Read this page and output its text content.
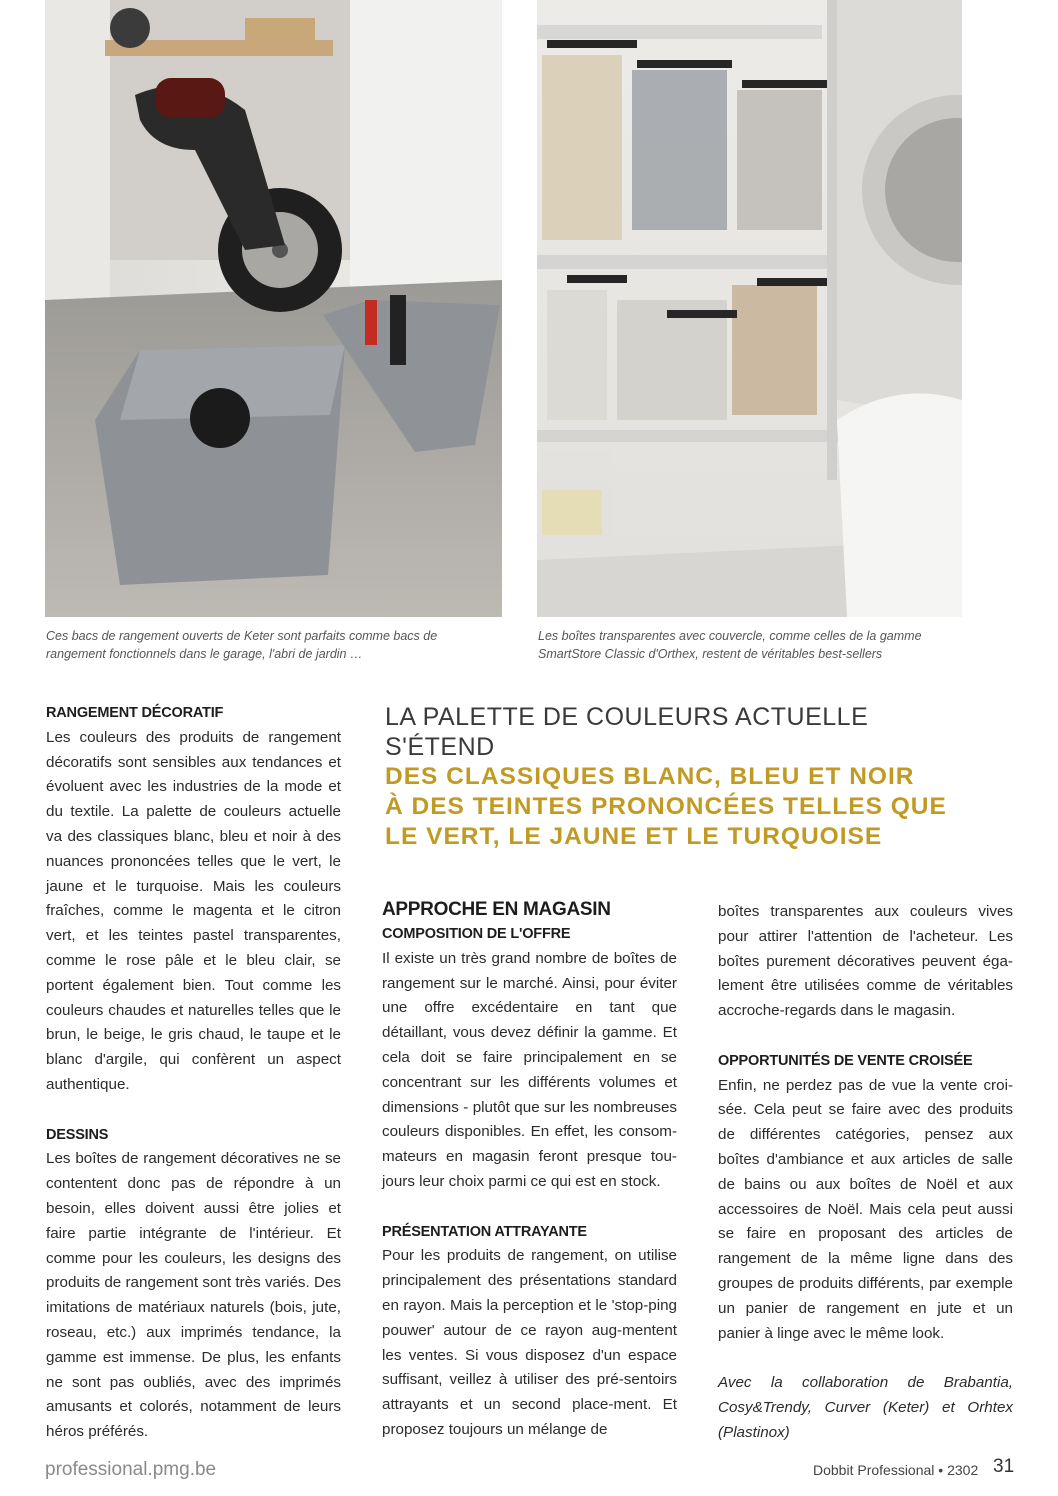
Ces bacs de rangement ouverts de Keter sont parfaits comme bacs de rangement fonctionnels dans le garage, l'abri de jardin …

Les boîtes transparentes avec couvercle, comme celles de la gamme SmartStore Classic d'Orthex, restent de véritables best-sellers

LA PALETTE DE COULEURS ACTUELLE S'ÉTEND
DES CLASSIQUES BLANC, BLEU ET NOIR
À DES TEINTES PRONONCÉES TELLES QUE
LE VERT, LE JAUNE ET LE TURQUOISE
RANGEMENT DÉCORATIF

Les couleurs des produits de rangement décoratifs sont sensibles aux tendances et évoluent avec les industries de la mode et du textile. La palette de couleurs actuelle va des classiques blanc, bleu et noir à des nuances prononcées telles que le vert, le jaune et le turquoise. Mais les couleurs fraîches, comme le magenta et le citron vert, et les teintes pastel transparentes, comme le rose pâle et le bleu clair, se portent également bien. Tout comme les couleurs chaudes et naturelles telles que le brun, le beige, le gris chaud, le taupe et le blanc d'argile, qui confèrent un aspect authentique.

DESSINS

Les boîtes de rangement décoratives ne se contentent donc pas de répondre à un besoin, elles doivent aussi être jolies et faire partie intégrante de l'intérieur. Et comme pour les couleurs, les designs des produits de rangement sont très variés. Des imitations de matériaux naturels (bois, jute, roseau, etc.) aux imprimés tendance, la gamme est immense. De plus, les enfants ne sont pas oubliés, avec des imprimés amusants et colorés, notamment de leurs héros préférés.

APPROCHE EN MAGASIN
COMPOSITION DE L'OFFRE

Il existe un très grand nombre de boîtes de rangement sur le marché. Ainsi, pour éviter une offre excédentaire en tant que détaillant, vous devez définir la gamme. Et cela doit se faire principalement en se concentrant sur les différents volumes et dimensions - plutôt que sur les nombreuses couleurs disponibles. En effet, les consom-mateurs en magasin feront presque tou-jours leur choix parmi ce qui est en stock.

PRÉSENTATION ATTRAYANTE

Pour les produits de rangement, on utilise principalement des présentations standard en rayon. Mais la perception et le 'stop-ping pouwer' autour de ce rayon aug-mentent les ventes. Si vous disposez d'un espace suffisant, veillez à utiliser des pré-sentoirs attrayants et un second place-ment. Et proposez toujours un mélange de

boîtes transparentes aux couleurs vives pour attirer l'attention de l'acheteur. Les boîtes purement décoratives peuvent éga-lement être utilisées comme de véritables accroche-regards dans le magasin.

OPPORTUNITÉS DE VENTE CROISÉE

Enfin, ne perdez pas de vue la vente croi-sée. Cela peut se faire avec des produits de différentes catégories, pensez aux boîtes d'ambiance et aux articles de salle de bains ou aux boîtes de Noël et aux accessoires de Noël. Mais cela peut aussi se faire en proposant des articles de rangement de la même ligne dans des groupes de produits différents, par exemple un panier de rangement en jute et un panier à linge avec le même look.

Avec la collaboration de Brabantia, Cosy&Trendy, Curver (Keter) et Orhtex (Plastinox)

professional.pmg.be	Dobbit Professional • 2302 31
